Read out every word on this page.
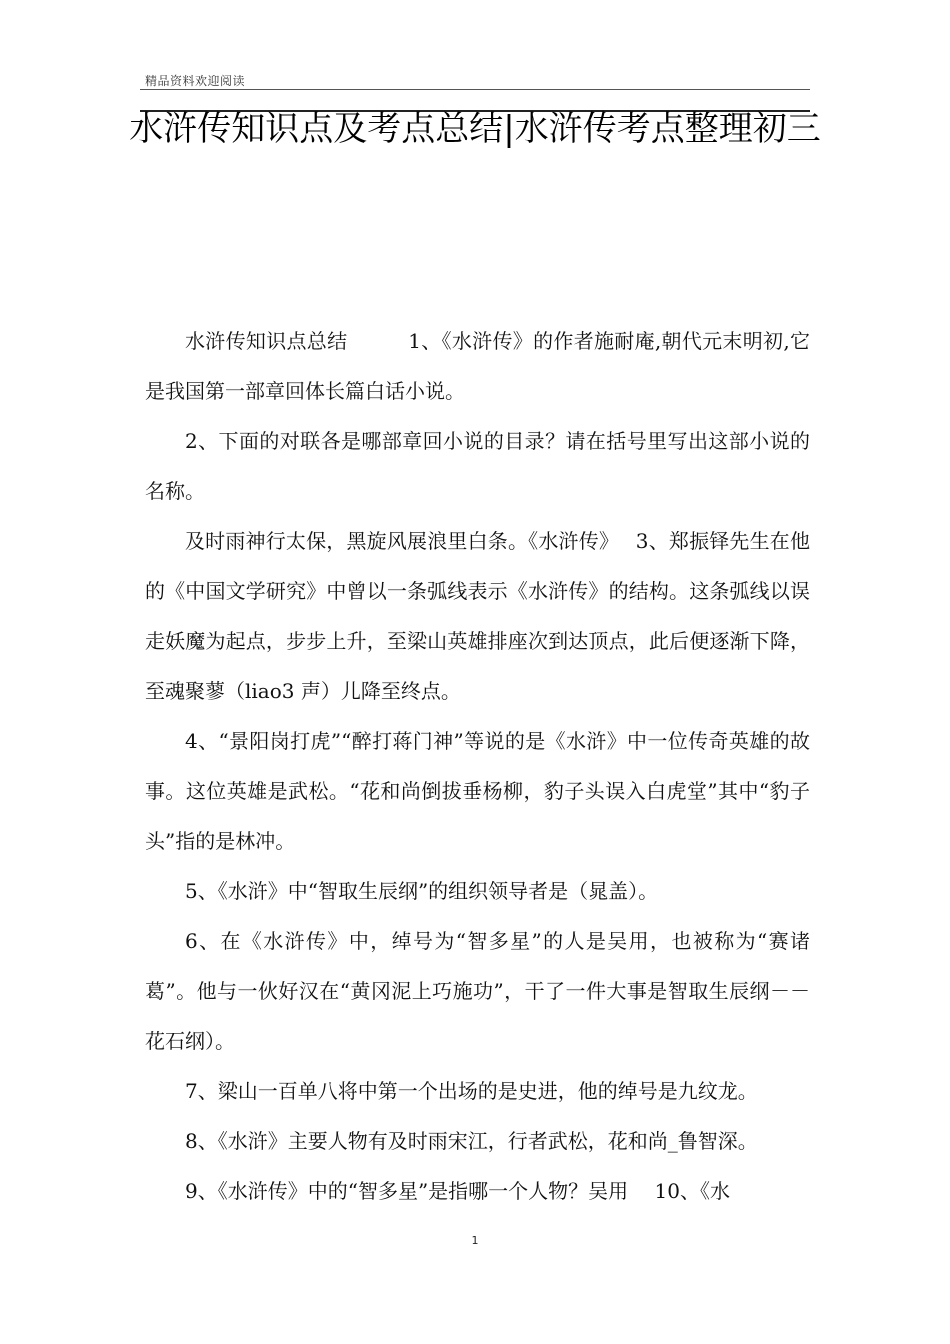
精品资料欢迎阅读
水浒传知识点及考点总结|水浒传考点整理初三

水浒传知识点总结　　　1、《水浒传》的作者施耐庵,朝代元末明初,它是我国第一部章回体长篇白话小说。

2、下面的对联各是哪部章回小说的目录？请在括号里写出这部小说的名称。

及时雨神行太保，黑旋风展浪里白条。《水浒传》　 3、郑振铎先生在他的《中国文学研究》中曾以一条弧线表示《水浒传》的结构。这条弧线以误走妖魔为起点，步步上升，至梁山英雄排座次到达顶点，此后便逐渐下降，至魂聚蓼（liao3 声）儿降至终点。

4、“景阳岗打虎”“醉打蒋门神”等说的是《水浒》中一位传奇英雄的故事。这位英雄是武松。“花和尚倒拔垂杨柳，豹子头误入白虎堂”其中“豹子头”指的是林冲。

5、《水浒》中“智取生辰纲”的组织领导者是（晁盖）。

6、在《水浒传》中，绰号为“智多星”的人是吴用，也被称为“赛诸葛”。他与一伙好汉在“黄冈泥上巧施功”，干了一件大事是智取生辰纲－－花石纲）。

7、梁山一百单八将中第一个出场的是史进，他的绰号是九纹龙。

8、《水浒》主要人物有及时雨宋江，行者武松，花和尚_鲁智深。

9、《水浒传》中的“智多星”是指哪一个人物？吴用　 10、《水

1
